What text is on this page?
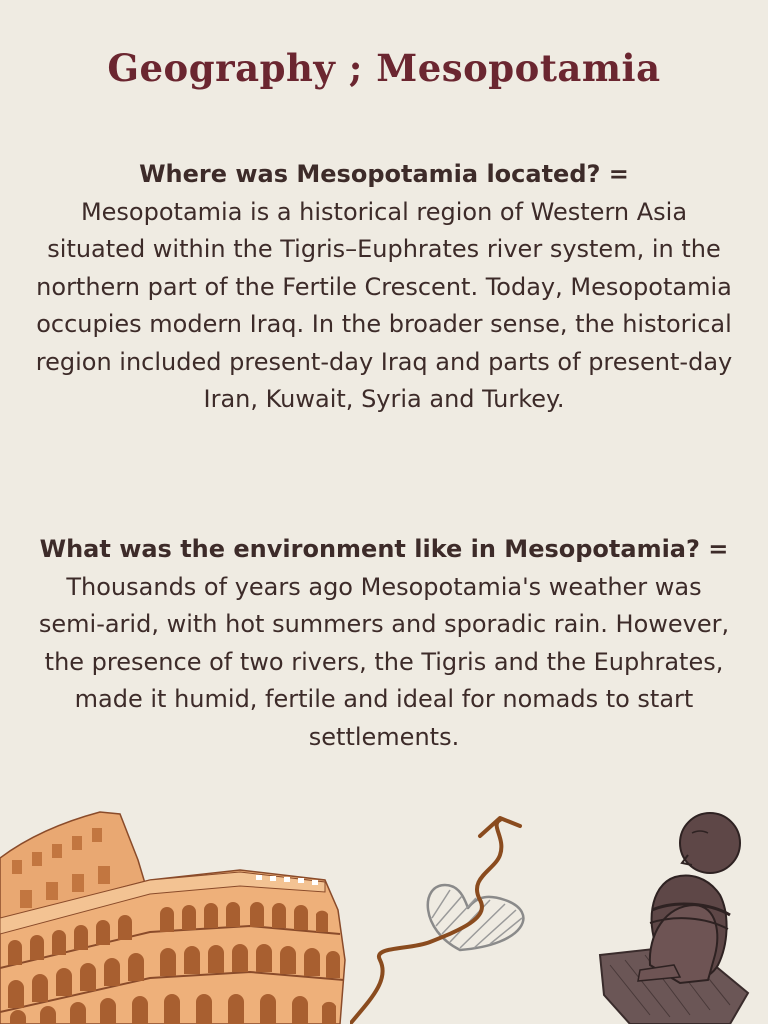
Geography ; Mesopotamia
Where was Mesopotamia located? =
Mesopotamia is a historical region of Western Asia situated within the Tigris–Euphrates river system, in the northern part of the Fertile Crescent. Today, Mesopotamia occupies modern Iraq. In the broader sense, the historical region included present-day Iraq and parts of present-day Iran, Kuwait, Syria and Turkey.
What was the environment like in Mesopotamia? =
Thousands of years ago Mesopotamia's weather was semi-arid, with hot summers and sporadic rain. However, the presence of two rivers, the Tigris and the Euphrates, made it humid, fertile and ideal for nomads to start settlements.
